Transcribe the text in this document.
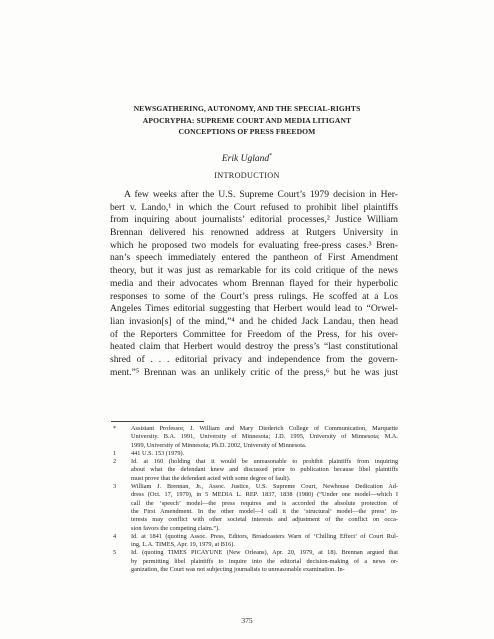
NEWSGATHERING, AUTONOMY, AND THE SPECIAL-RIGHTS
APOCRYPHA: SUPREME COURT AND MEDIA LITIGANT
CONCEPTIONS OF PRESS FREEDOM
Erik Ugland*
INTRODUCTION
A few weeks after the U.S. Supreme Court’s 1979 decision in Her-
bert v. Lando,¹ in which the Court refused to prohibit libel plaintiffs
from inquiring about journalists’ editorial processes,² Justice William
Brennan delivered his renowned address at Rutgers University in
which he proposed two models for evaluating free-press cases.³ Bren-
nan’s speech immediately entered the pantheon of First Amendment
theory, but it was just as remarkable for its cold critique of the news
media and their advocates whom Brennan flayed for their hyperbolic
responses to some of the Court’s press rulings. He scoffed at a Los
Angeles Times editorial suggesting that Herbert would lead to “Orwel-
lian invasion[s] of the mind,”⁴ and he chided Jack Landau, then head
of the Reporters Committee for Freedom of the Press, for his over-
heated claim that Herbert would destroy the press’s “last constitutional
shred of . . . editorial privacy and independence from the govern-
ment.”⁵ Brennan was an unlikely critic of the press,⁶ but he was just
*	Assistant Professor, J. William and Mary Diederich College of Communication, Marquette
University. B.A. 1991, University of Minnesota; J.D. 1995, University of Minnesota; M.A.
1999, University of Minnesota; Ph.D. 2002, University of Minnesota.
1	441 U.S. 153 (1979).
2	Id. at 160 (holding that it would be unreasonable to prohibit plaintiffs from inquiring
about what the defendant knew and discussed prior to publication because libel plaintiffs
must prove that the defendant acted with some degree of fault).
3	William J. Brennan, Jr., Assoc. Justice, U.S. Supreme Court, Newhouse Dedication Ad-
dress (Oct. 17, 1979), in 5 MEDIA L. REP. 1837, 1838 (1980) (“Under one model—which I
call the ‘speech’ model—the press requires and is accorded the absolute protection of
the First Amendment. In the other model—I call it the ‘structural’ model—the press’ in-
terests may conflict with other societal interests and adjustment of the conflict on occa-
sion favors the competing claim.”).
4	Id. at 1841 (quoting Assoc. Press, Editors, Broadcasters Warn of ‘Chilling Effect’ of Court Rul-
ing, L.A. TIMES, Apr. 19, 1979, at B16).
5	Id. (quoting TIMES PICAYUNE (New Orleans), Apr. 20, 1979, at 18). Brennan argued that
by permitting libel plaintiffs to inquire into the editorial decision-making of a news or-
ganization, the Court was not subjecting journalists to unreasonable examination. In-
375
